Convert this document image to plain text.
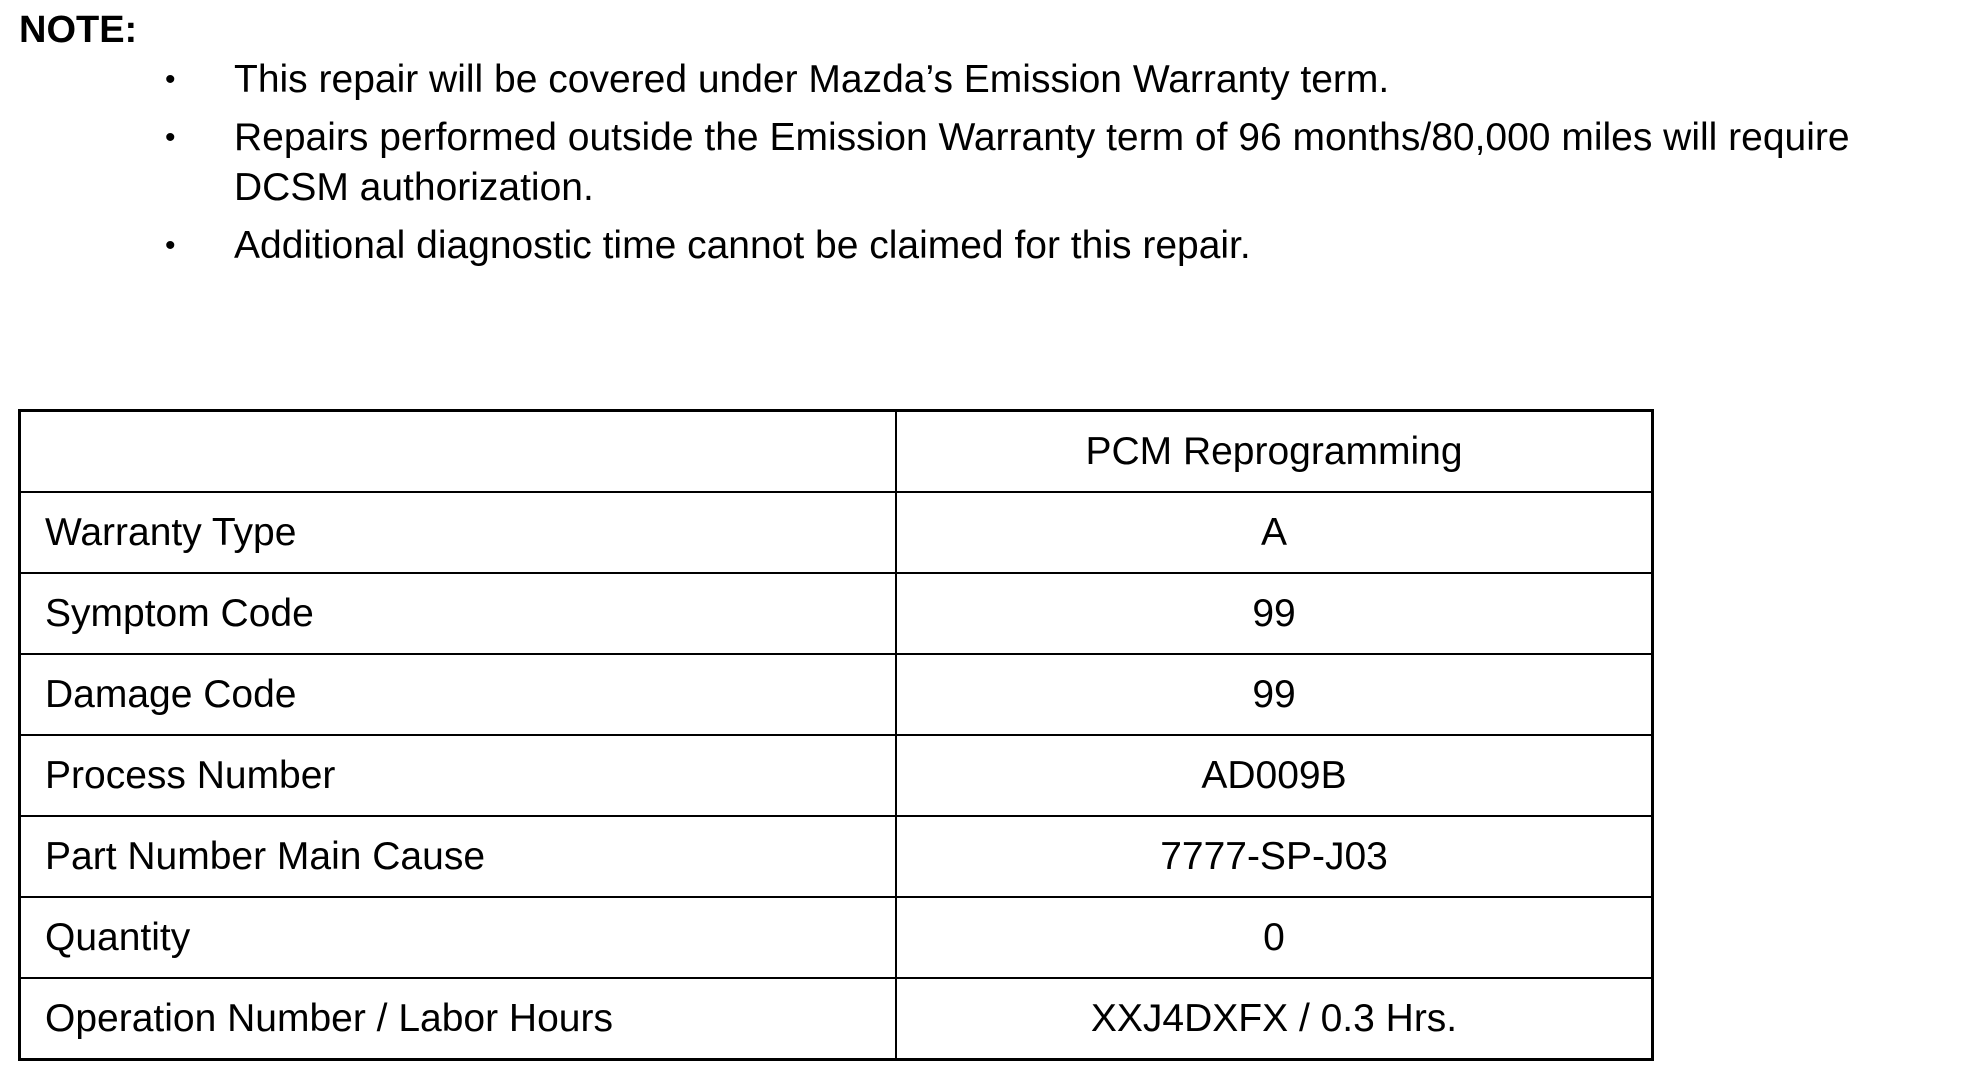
NOTE:
• This repair will be covered under Mazda’s Emission Warranty term.
• Repairs performed outside the Emission Warranty term of 96 months/80,000 miles will require DCSM authorization.
• Additional diagnostic time cannot be claimed for this repair.
	PCM Reprogramming
Warranty Type	A
Symptom Code	99
Damage Code	99
Process Number	AD009B
Part Number Main Cause	7777-SP-J03
Quantity	0
Operation Number / Labor Hours	XXJ4DXFX / 0.3 Hrs.
